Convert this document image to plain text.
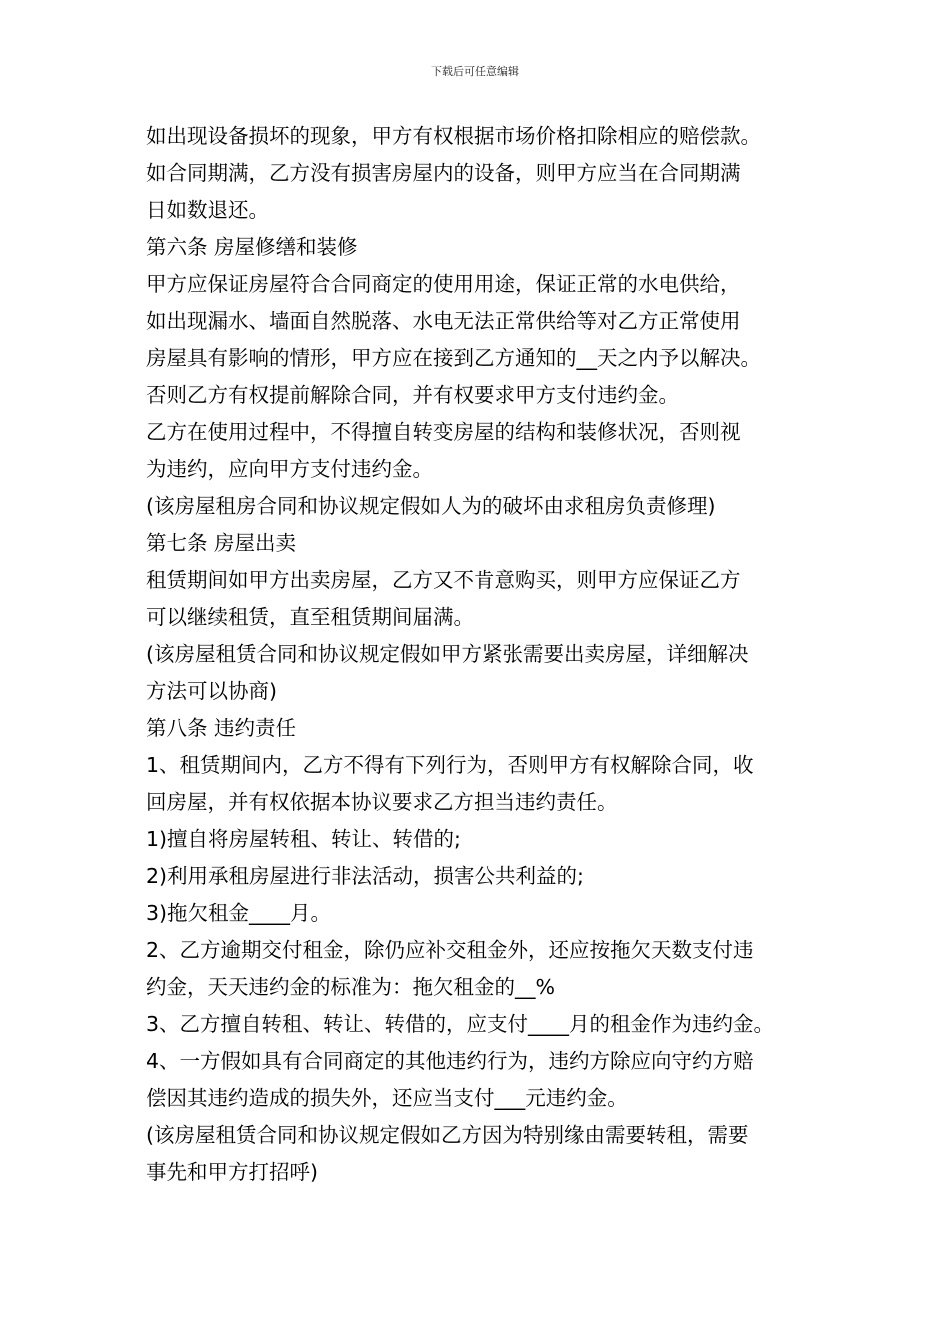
下载后可任意编辑
如出现设备损坏的现象，甲方有权根据市场价格扣除相应的赔偿款。
如合同期满，乙方没有损害房屋内的设备，则甲方应当在合同期满
日如数退还。
第六条 房屋修缮和装修
甲方应保证房屋符合合同商定的使用用途，保证正常的水电供给，
如出现漏水、墙面自然脱落、水电无法正常供给等对乙方正常使用
房屋具有影响的情形，甲方应在接到乙方通知的__天之内予以解决。
否则乙方有权提前解除合同，并有权要求甲方支付违约金。
乙方在使用过程中，不得擅自转变房屋的结构和装修状况，否则视
为违约，应向甲方支付违约金。
(该房屋租房合同和协议规定假如人为的破坏由求租房负责修理)
第七条 房屋出卖
租赁期间如甲方出卖房屋，乙方又不肯意购买，则甲方应保证乙方
可以继续租赁，直至租赁期间届满。
(该房屋租赁合同和协议规定假如甲方紧张需要出卖房屋，详细解决
方法可以协商)
第八条 违约责任
1、租赁期间内，乙方不得有下列行为，否则甲方有权解除合同，收
回房屋，并有权依据本协议要求乙方担当违约责任。
1)擅自将房屋转租、转让、转借的;
2)利用承租房屋进行非法活动，损害公共利益的;
3)拖欠租金____月。
2、乙方逾期交付租金，除仍应补交租金外，还应按拖欠天数支付违
约金，天天违约金的标准为：拖欠租金的__%
3、乙方擅自转租、转让、转借的，应支付____月的租金作为违约金。
4、一方假如具有合同商定的其他违约行为，违约方除应向守约方赔
偿因其违约造成的损失外，还应当支付___元违约金。
(该房屋租赁合同和协议规定假如乙方因为特别缘由需要转租，需要
事先和甲方打招呼)
